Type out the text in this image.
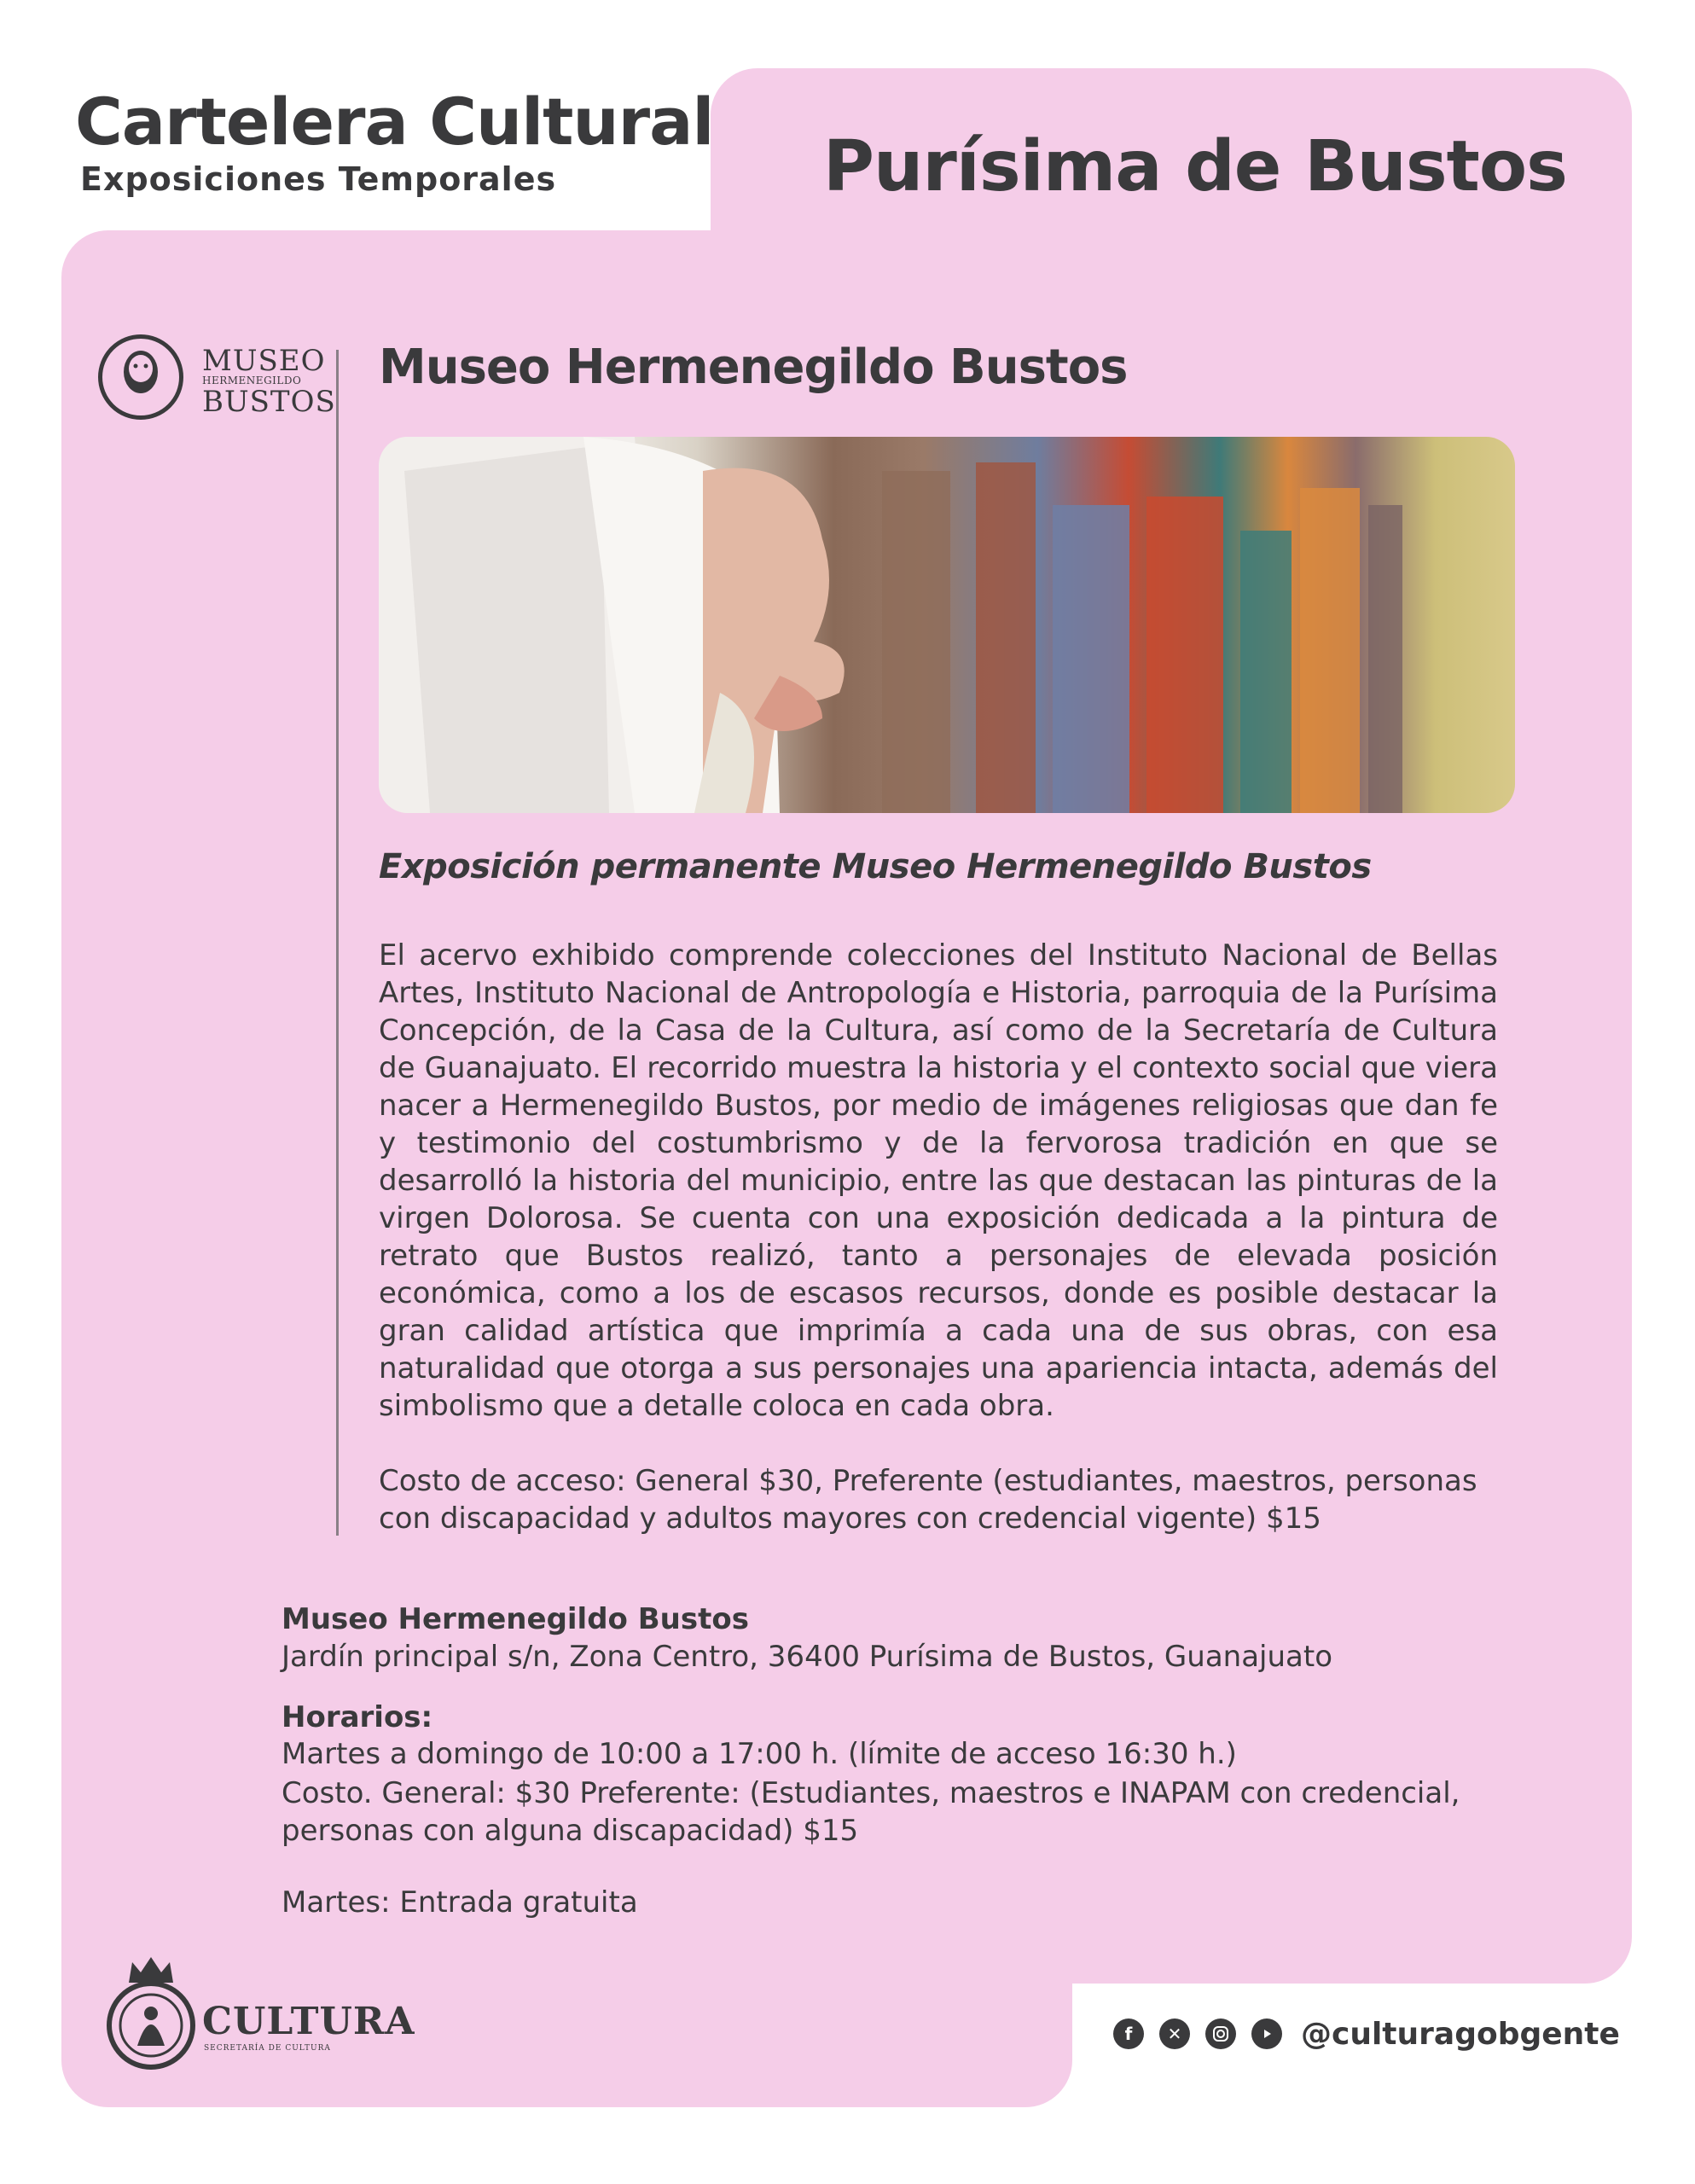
Cartelera Cultural
Exposiciones Temporales	Purísima de Bustos
MUSEO
HERMENEGILDO
BUSTOS
Museo Hermenegildo Bustos
Exposición permanente Museo Hermenegildo Bustos

El acervo exhibido comprende colecciones del Instituto Nacional de Bellas Artes, Instituto Nacional de Antropología e Historia, parroquia de la Purísima Concepción, de la Casa de la Cultura, así como de la Secretaría de Cultura de Guanajuato. El recorrido muestra la historia y el contexto social que viera nacer a Hermenegildo Bustos, por medio de imágenes religiosas que dan fe y testimonio del costumbrismo y de la fervorosa tradición en que se desarrolló la historia del municipio, entre las que destacan las pinturas de la virgen Dolorosa. Se cuenta con una exposición dedicada a la pintura de retrato que Bustos realizó, tanto a personajes de elevada posición económica, como a los de escasos recursos, donde es posible destacar la gran calidad artística que imprimía a cada una de sus obras, con esa naturalidad que otorga a sus personajes una apariencia intacta, además del simbolismo que a detalle coloca en cada obra.

Costo de acceso: General $30, Preferente (estudiantes, maestros, personas con discapacidad y adultos mayores con credencial vigente) $15

Museo Hermenegildo Bustos
Jardín principal s/n, Zona Centro, 36400 Purísima de Bustos, Guanajuato
Horarios:
Martes a domingo de 10:00 a 17:00 h. (límite de acceso 16:30 h.)
Costo. General: $30 Preferente: (Estudiantes, maestros e INAPAM con credencial, personas con alguna discapacidad) $15
Martes: Entrada gratuita
CULTURA
SECRETARÍA DE CULTURA
f	✕	@culturagobgente
